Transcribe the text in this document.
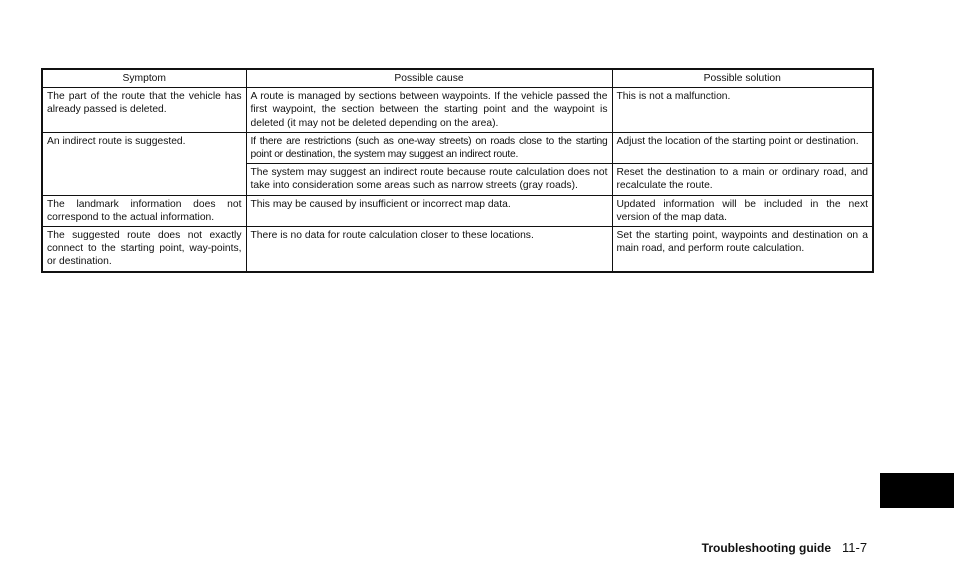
Symptom	Possible cause	Possible solution
The part of the route that the vehicle has already passed is deleted.	A route is managed by sections between waypoints. If the vehicle passed the first waypoint, the section between the starting point and the waypoint is deleted (it may not be deleted depending on the area).	This is not a malfunction.
An indirect route is suggested.	If there are restrictions (such as one-way streets) on roads close to the starting point or destination, the system may suggest an indirect route.	Adjust the location of the starting point or destination.
	The system may suggest an indirect route because route calculation does not take into consideration some areas such as narrow streets (gray roads).	Reset the destination to a main or ordinary road, and recalculate the route.
The landmark information does not correspond to the actual information.	This may be caused by insufficient or incorrect map data.	Updated information will be included in the next version of the map data.
The suggested route does not exactly connect to the starting point, way-points, or destination.	There is no data for route calculation closer to these locations.	Set the starting point, waypoints and destination on a main road, and perform route calculation.
Troubleshooting guide 11-7
